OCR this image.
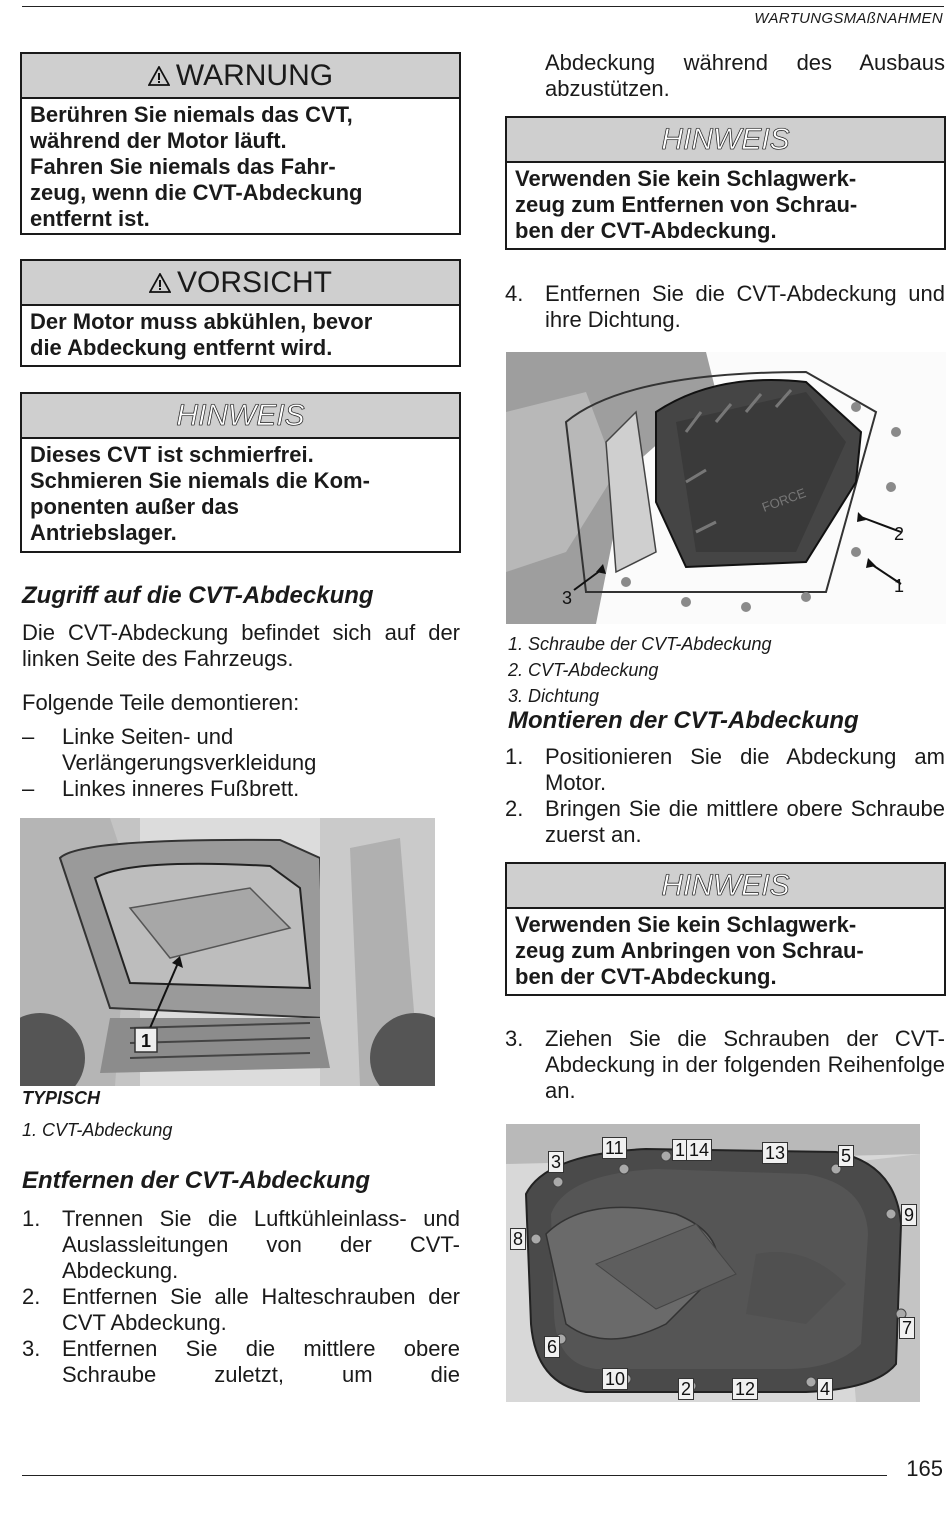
WARTUNGSMAßNAHMEN
WARNUNG

Berühren Sie niemals das CVT,

während der Motor läuft.

Fahren Sie niemals das Fahr-

zeug, wenn die CVT-Abdeckung

entfernt ist.

VORSICHT

Der Motor muss abkühlen, bevor

die Abdeckung entfernt wird.

HINWEIS

Dieses CVT ist schmierfrei.

Schmieren Sie niemals die Kom-

ponenten außer das

Antriebslager.

Zugriff auf die CVT-Abdeckung
Die CVT-Abdeckung befindet sich auf der linken Seite des Fahrzeugs.
Folgende Teile demontieren:
–	Linke Seiten- und
Verlängerungsverkleidung
–	Linkes inneres Fußbrett.
1
TYPISCH
1. CVT-Abdeckung
Entfernen der CVT-Abdeckung
1. Trennen Sie die Luftkühleinlass- und Auslassleitungen von der CVT-Abdeckung.
2. Entfernen Sie alle Halteschrauben der CVT Abdeckung.
3. Entfernen Sie die mittlere obere Schraube zuletzt, um die
Abdeckung während des Ausbaus abzustützen.
HINWEIS

Verwenden Sie kein Schlagwerk-

zeug zum Entfernen von Schrau-

ben der CVT-Abdeckung.

4. Entfernen Sie die CVT-Abdeckung und ihre Dichtung.
FORCE
1
2
3
1. Schraube der CVT-Abdeckung
2. CVT-Abdeckung
3. Dichtung
Montieren der CVT-Abdeckung
1. Positionieren Sie die Abdeckung am Motor.
2. Bringen Sie die mittlere obere Schraube zuerst an.
HINWEIS

Verwenden Sie kein Schlagwerk-

zeug zum Anbringen von Schrau-

ben der CVT-Abdeckung.

3. Ziehen Sie die Schrauben der CVT-Abdeckung in der folgenden Reihenfolge an.
11	1 14	13
3	5
9
8
7
6
10	2 12	4
165
